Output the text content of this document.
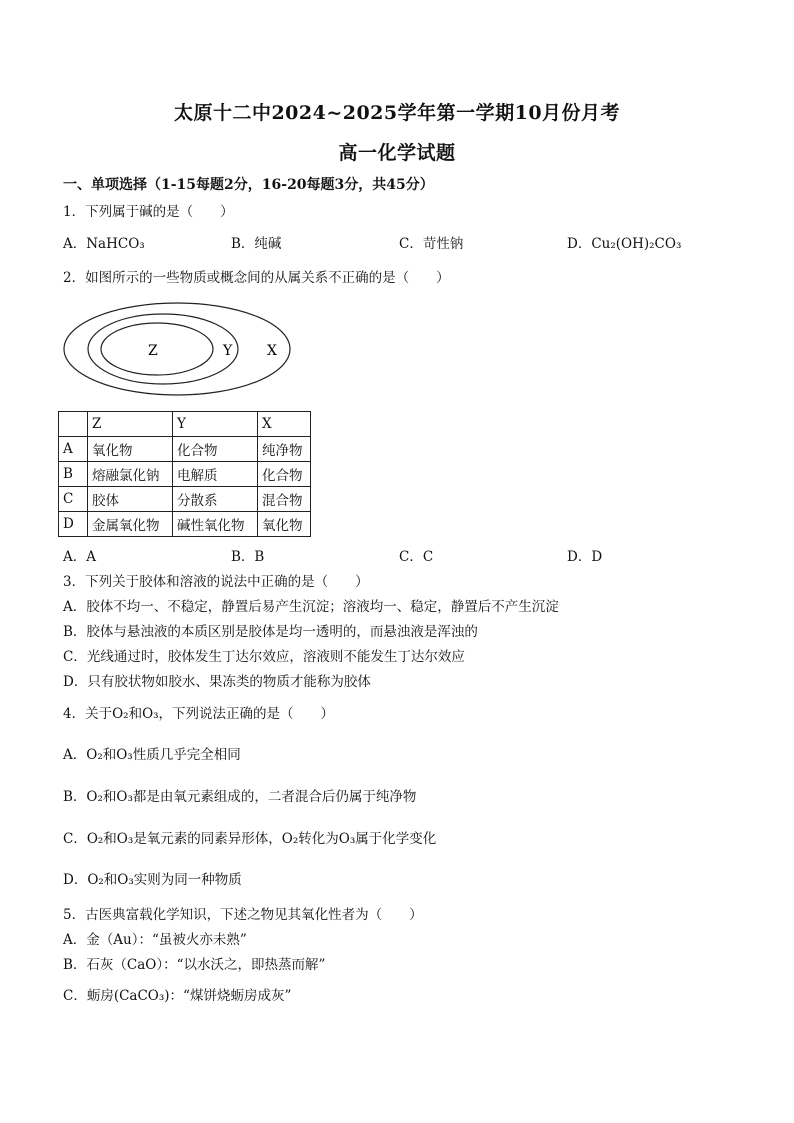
太原十二中2024~2025学年第一学期10月份月考
高一化学试题
一、单项选择（1-15每题2分，16-20每题3分，共45分）
1．下列属于碱的是（　　）
A．NaHCO₃	B．纯碱	C．苛性钠	D．Cu₂(OH)₂CO₃
2．如图所示的一些物质或概念间的从属关系不正确的是（　　）
Z	Y X
	Z	Y	X
A	氧化物	化合物	纯净物
B	熔融氯化钠	电解质	化合物
C	胶体	分散系	混合物
D	金属氧化物	碱性氧化物	氧化物
A．A	B．B	C．C	D．D
3．下列关于胶体和溶液的说法中正确的是（　　）
A．胶体不均一、不稳定，静置后易产生沉淀；溶液均一、稳定，静置后不产生沉淀
B．胶体与悬浊液的本质区别是胶体是均一透明的，而悬浊液是浑浊的
C．光线通过时，胶体发生丁达尔效应，溶液则不能发生丁达尔效应
D．只有胶状物如胶水、果冻类的物质才能称为胶体
4．关于O₂和O₃，下列说法正确的是（　　）
A．O₂和O₃性质几乎完全相同
B．O₂和O₃都是由氧元素组成的，二者混合后仍属于纯净物
C．O₂和O₃是氧元素的同素异形体，O₂转化为O₃属于化学变化
D．O₂和O₃实则为同一种物质
5．古医典富载化学知识，下述之物见其氧化性者为（　　）
A．金（Au）：“虽被火亦未熟”
B．石灰（CaO）：“以水沃之，即热蒸而解”
C．蛎房(CaCO₃)：“煤饼烧蛎房成灰”
